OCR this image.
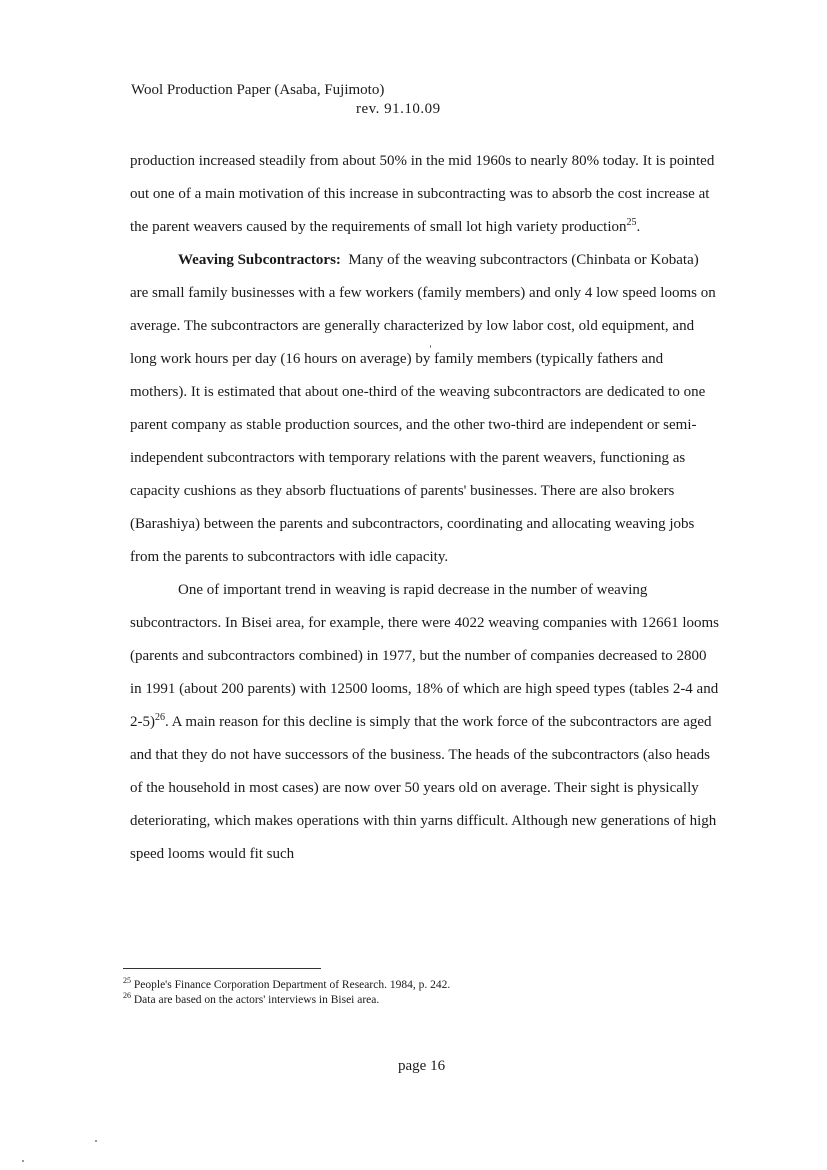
Wool Production Paper (Asaba, Fujimoto)
rev. 91.10.09

production increased steadily from about 50% in the mid 1960s to nearly 80% today. It is pointed out one of a main motivation of this increase in subcontracting was to absorb the cost increase at the parent weavers caused by the requirements of small lot high variety production$^{25}$.

Weaving Subcontractors: Many of the weaving subcontractors (Chinbata or Kobata) are small family businesses with a few workers (family members) and only 4 low speed looms on average. The subcontractors are generally characterized by low labor cost, old equipment, and long work hours per day (16 hours on average) by family members (typically fathers and mothers). It is estimated that about one-third of the weaving subcontractors are dedicated to one parent company as stable production sources, and the other two-third are independent or semi-independent subcontractors with temporary relations with the parent weavers, functioning as capacity cushions as they absorb fluctuations of parents' businesses. There are also brokers (Barashiya) between the parents and subcontractors, coordinating and allocating weaving jobs from the parents to subcontractors with idle capacity.

One of important trend in weaving is rapid decrease in the number of weaving subcontractors. In Bisei area, for example, there were 4022 weaving companies with 12661 looms (parents and subcontractors combined) in 1977, but the number of companies decreased to 2800 in 1991 (about 200 parents) with 12500 looms, 18% of which are high speed types (tables 2-4 and 2-5)$^{26}$. A main reason for this decline is simply that the work force of the subcontractors are aged and that they do not have successors of the business. The heads of the subcontractors (also heads of the household in most cases) are now over 50 years old on average. Their sight is physically deteriorating, which makes operations with thin yarns difficult. Although new generations of high speed looms would fit such

$^{25}$ People's Finance Corporation Department of Research. 1984, p. 242.
$^{26}$ Data are based on the actors' interviews in Bisei area.
page 16
